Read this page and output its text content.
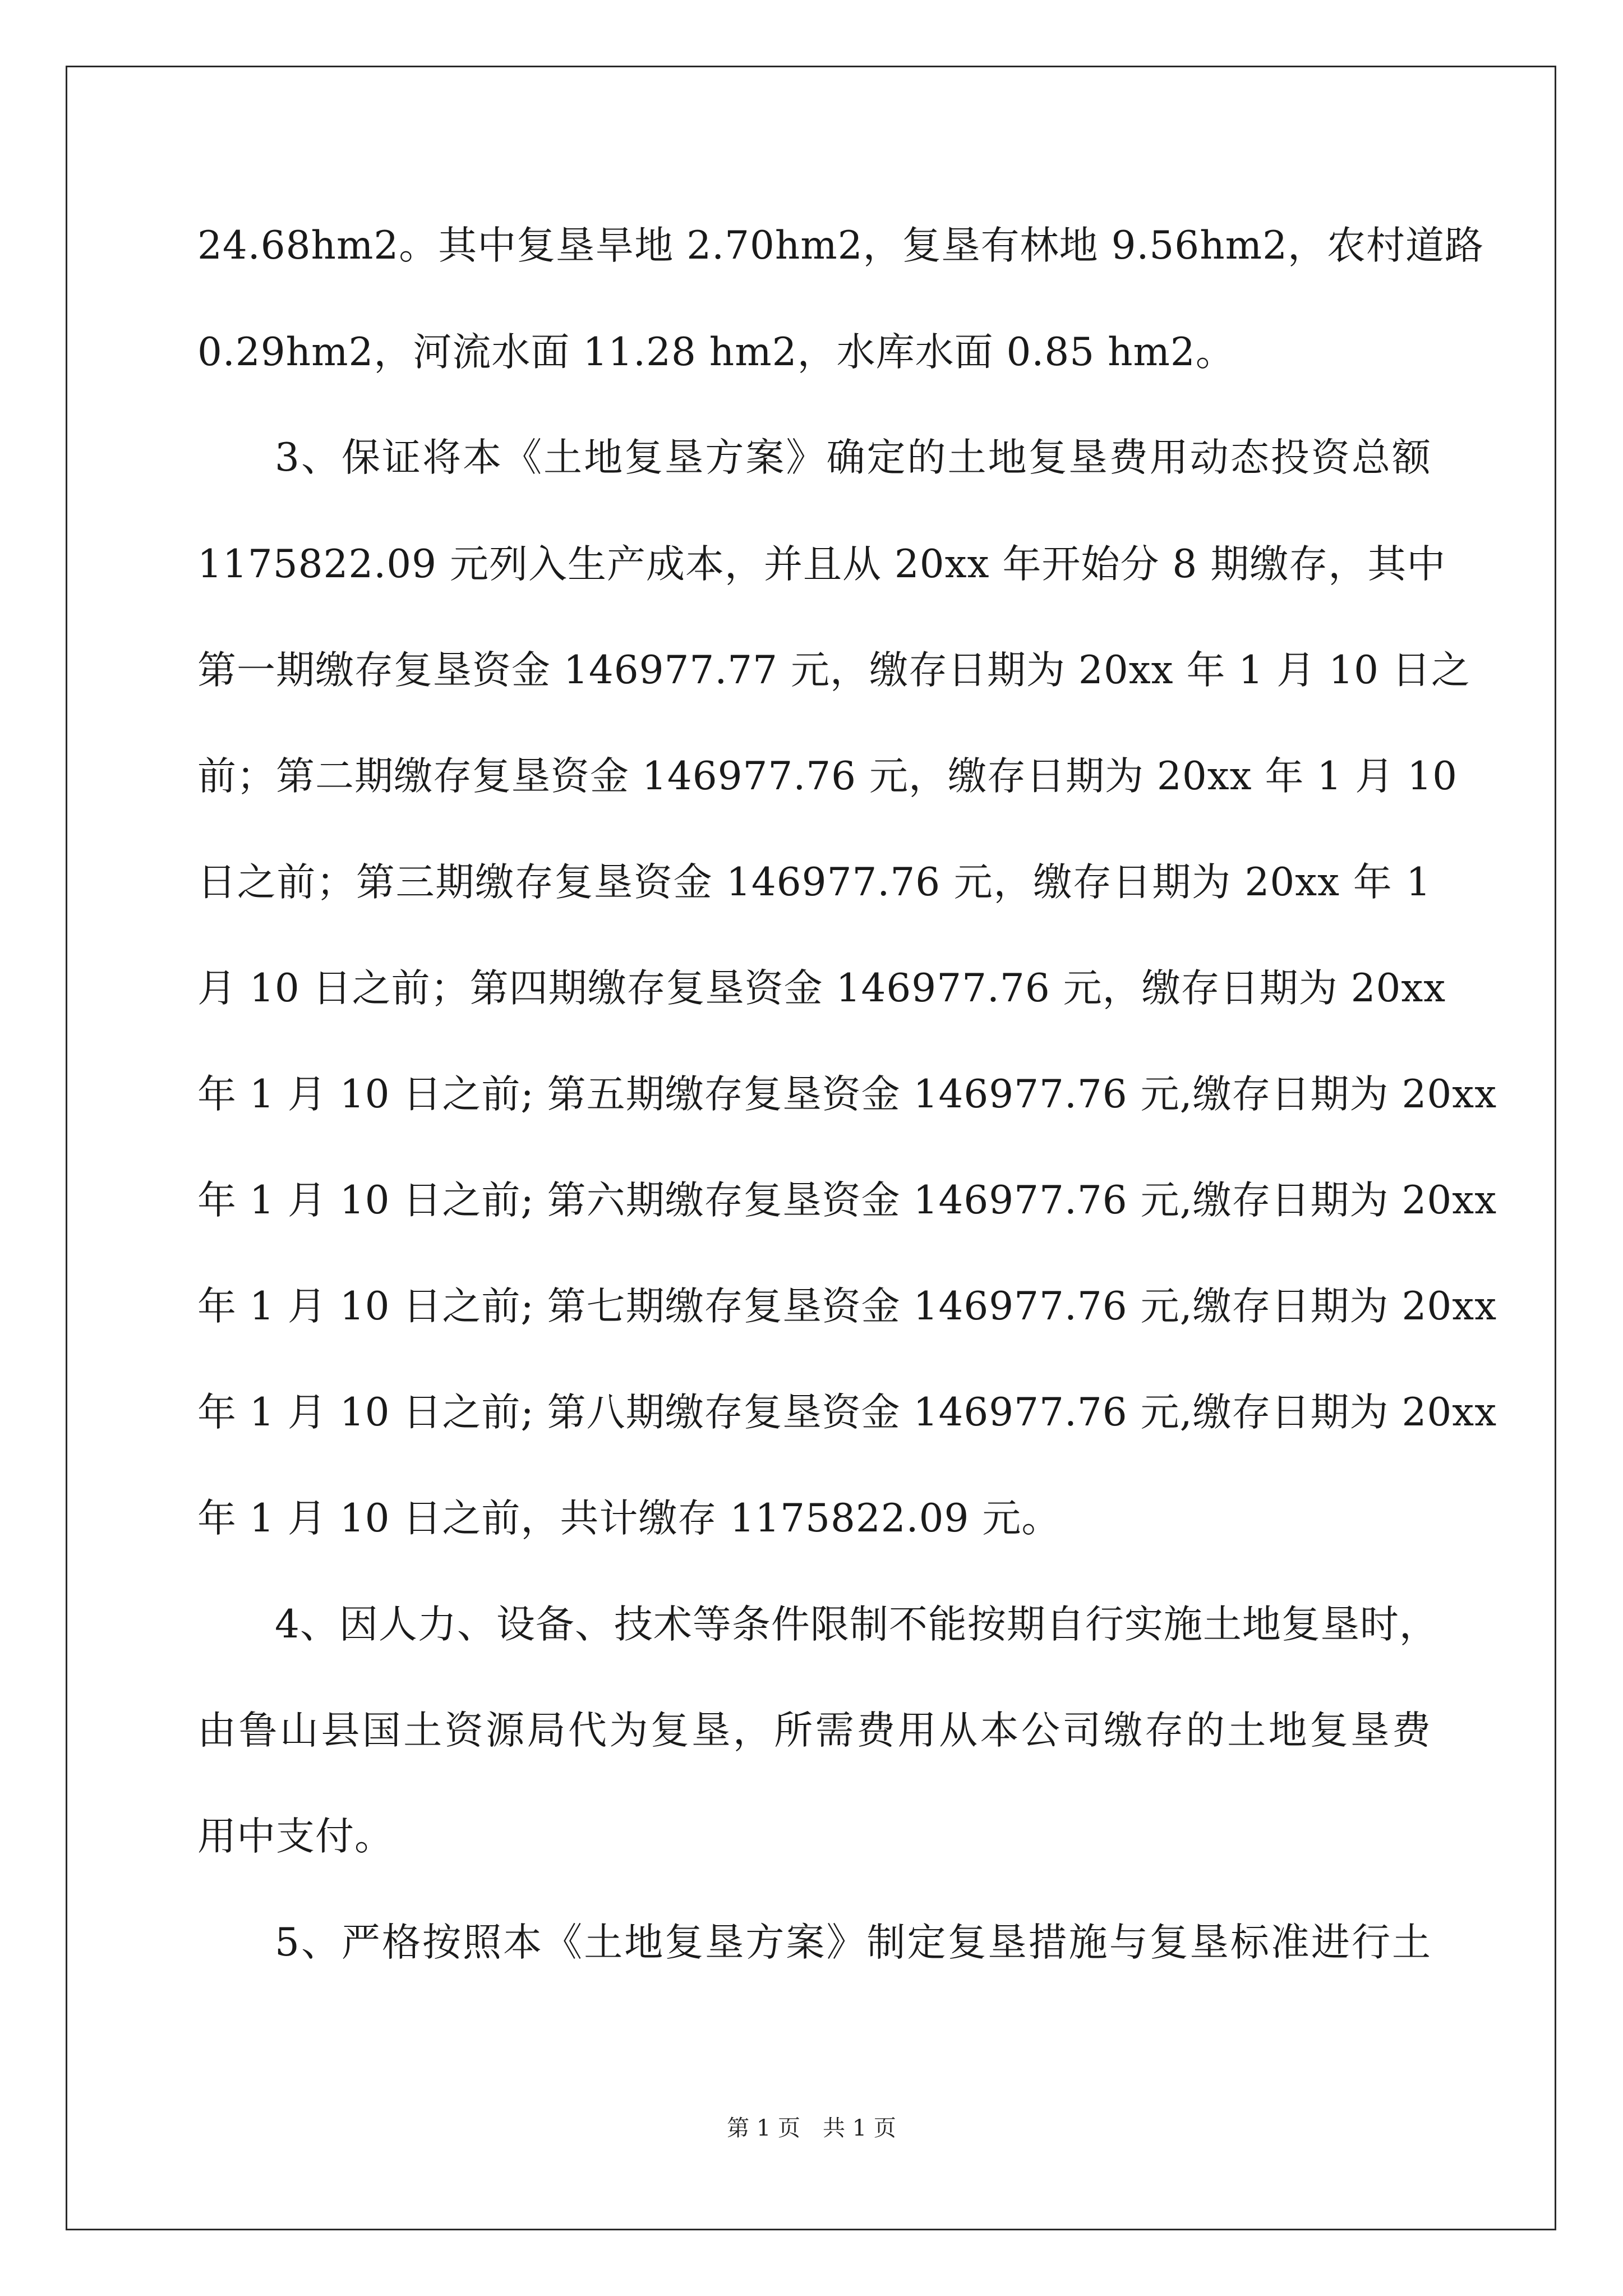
24.68hm2。其中复垦旱地 2.70hm2，复垦有林地 9.56hm2，农村道路
0.29hm2，河流水面 11.28 hm2，水库水面 0.85 hm2。
3、保证将本《土地复垦方案》确定的土地复垦费用动态投资总额
1175822.09 元列入生产成本，并且从 20xx 年开始分 8 期缴存，其中
第一期缴存复垦资金 146977.77 元，缴存日期为 20xx 年 1 月 10 日之
前；第二期缴存复垦资金 146977.76 元，缴存日期为 20xx 年 1 月 10
日之前；第三期缴存复垦资金 146977.76 元，缴存日期为 20xx 年 1
月 10 日之前；第四期缴存复垦资金 146977.76 元，缴存日期为 20xx
年 1 月 10 日之前; 第五期缴存复垦资金 146977.76 元,缴存日期为 20xx
年 1 月 10 日之前; 第六期缴存复垦资金 146977.76 元,缴存日期为 20xx
年 1 月 10 日之前; 第七期缴存复垦资金 146977.76 元,缴存日期为 20xx
年 1 月 10 日之前; 第八期缴存复垦资金 146977.76 元,缴存日期为 20xx
年 1 月 10 日之前，共计缴存 1175822.09 元。
4、因人力、设备、技术等条件限制不能按期自行实施土地复垦时，
由鲁山县国土资源局代为复垦，所需费用从本公司缴存的土地复垦费
用中支付。
5、严格按照本《土地复垦方案》制定复垦措施与复垦标准进行土
第 1 页 共 1 页
